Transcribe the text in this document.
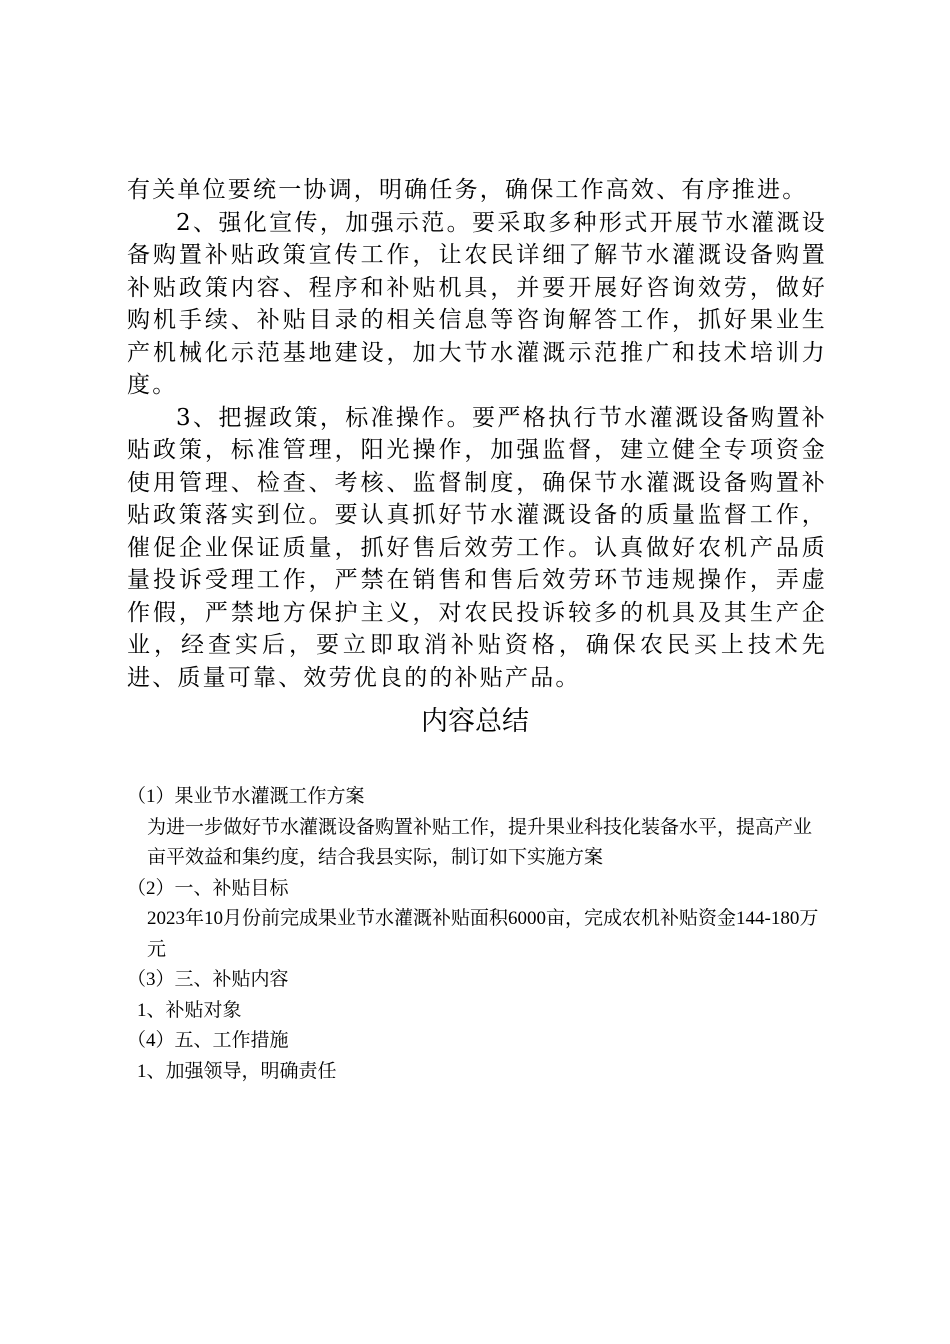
有关单位要统一协调，明确任务，确保工作高效、有序推进。

2、强化宣传，加强示范。要采取多种形式开展节水灌溉设备购置补贴政策宣传工作，让农民详细了解节水灌溉设备购置补贴政策内容、程序和补贴机具，并要开展好咨询效劳，做好购机手续、补贴目录的相关信息等咨询解答工作，抓好果业生产机械化示范基地建设，加大节水灌溉示范推广和技术培训力度。

3、把握政策，标准操作。要严格执行节水灌溉设备购置补贴政策，标准管理，阳光操作，加强监督，建立健全专项资金使用管理、检查、考核、监督制度，确保节水灌溉设备购置补贴政策落实到位。要认真抓好节水灌溉设备的质量监督工作，催促企业保证质量，抓好售后效劳工作。认真做好农机产品质量投诉受理工作，严禁在销售和售后效劳环节违规操作，弄虚作假，严禁地方保护主义，对农民投诉较多的机具及其生产企业，经查实后，要立即取消补贴资格，确保农民买上技术先进、质量可靠、效劳优良的的补贴产品。

内容总结

（1）果业节水灌溉工作方案

为进一步做好节水灌溉设备购置补贴工作，提升果业科技化装备水平，提高产业亩平效益和集约度，结合我县实际，制订如下实施方案

（2）一、补贴目标

2023年10月份前完成果业节水灌溉补贴面积6000亩，完成农机补贴资金144-180万元

（3）三、补贴内容

1、补贴对象

（4）五、工作措施

1、加强领导，明确责任
